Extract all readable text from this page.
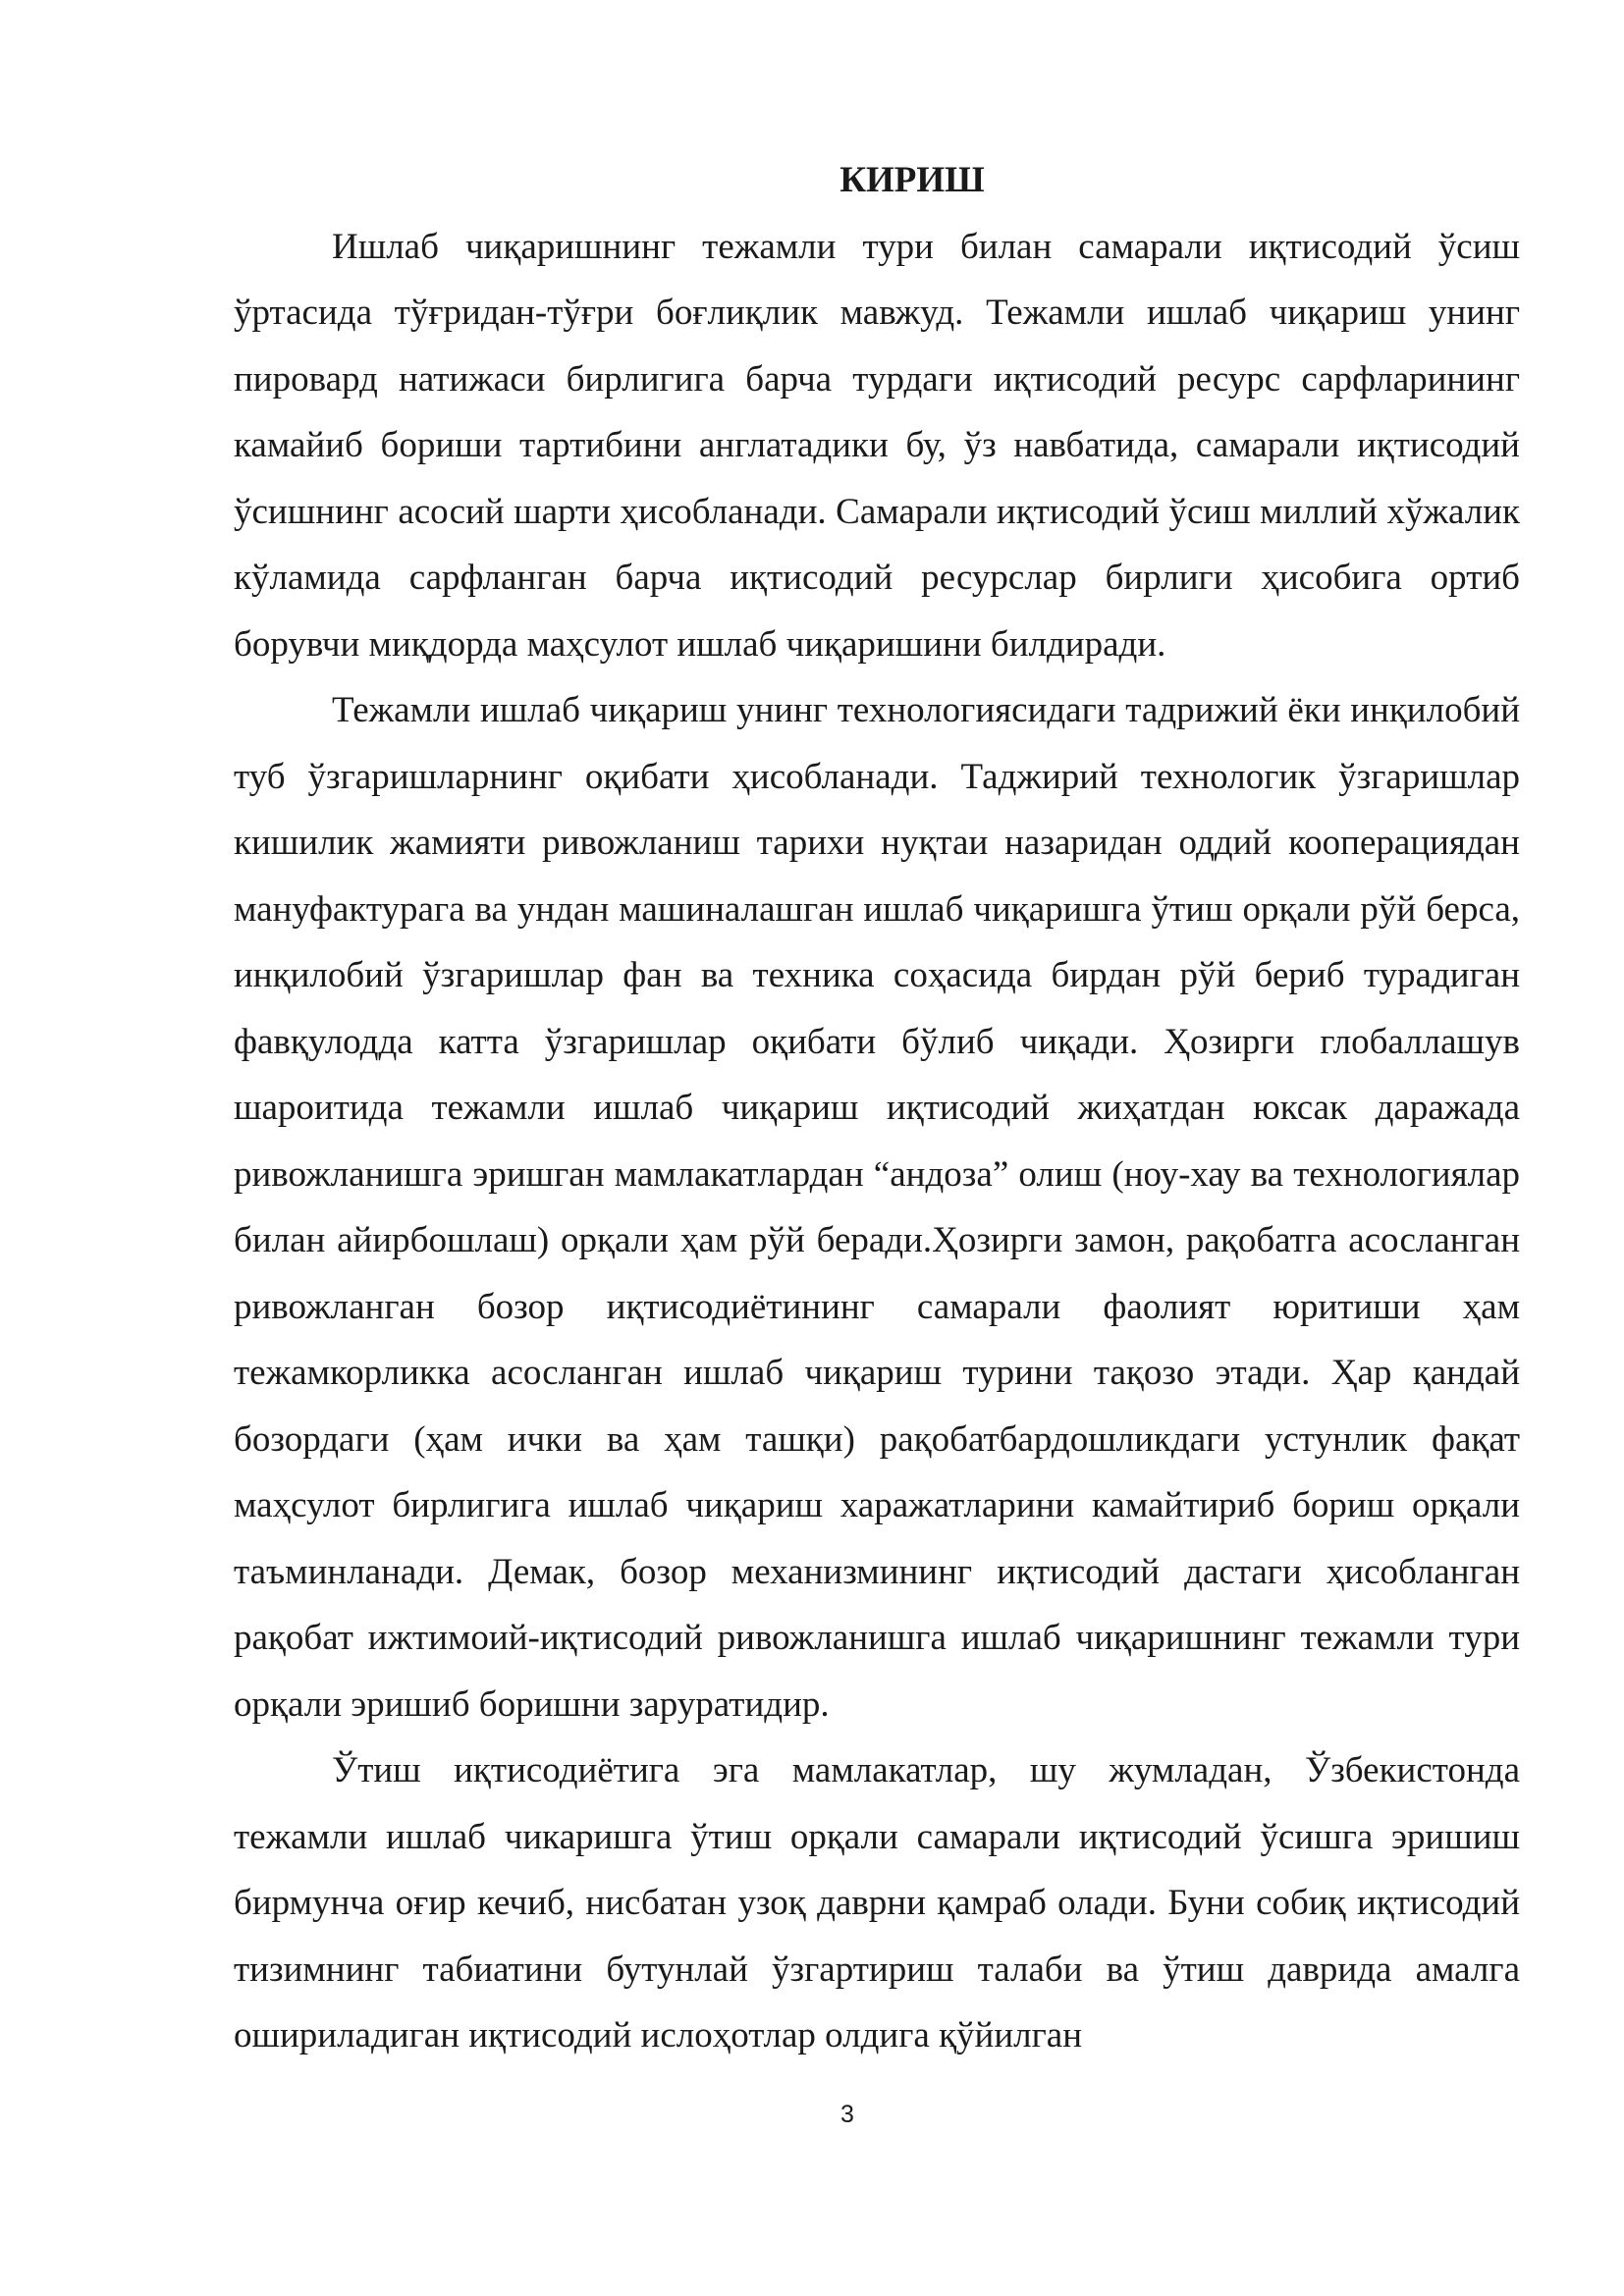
КИРИШ

Ишлаб чиқаришнинг тежамли тури билан самарали иқтисодий ўсиш ўртасида тўғридан-тўғри боғлиқлик мавжуд. Тежамли ишлаб чиқариш унинг пировард натижаси бирлигига барча турдаги иқтисодий ресурс сарфларининг камайиб бориши тартибини англатадики бу, ўз навбатида, самарали иқтисодий ўсишнинг асосий шарти ҳисобланади. Самарали иқтисодий ўсиш миллий хўжалик кўламида сарфланган барча иқтисодий ресурслар бирлиги ҳисобига ортиб борувчи миқдорда маҳсулот ишлаб чиқаришини билдиради.

Тежамли ишлаб чиқариш унинг технологиясидаги тадрижий ёки инқилобий туб ўзгаришларнинг оқибати ҳисобланади. Таджирий технологик ўзгаришлар кишилик жамияти ривожланиш тарихи нуқтаи назаридан оддий кооперациядан мануфактурага ва ундан машиналашган ишлаб чиқаришга ўтиш орқали рўй берса, инқилобий ўзгаришлар фан ва техника соҳасида бирдан рўй бериб турадиган фавқулодда катта ўзгаришлар оқибати бўлиб чиқади. Ҳозирги глобаллашув шароитида тежамли ишлаб чиқариш иқтисодий жиҳатдан юксак даражада ривожланишга эришган мамлакатлардан “андоза” олиш (ноу-хау ва технологиялар билан айирбошлаш) орқали ҳам рўй беради.Ҳозирги замон, рақобатга асосланган ривожланган бозор иқтисодиётининг самарали фаолият юритиши ҳам тежамкорликка асосланган ишлаб чиқариш турини тақозо этади. Ҳар қандай бозордаги (ҳам ички ва ҳам ташқи) рақобатбардошликдаги устунлик фақат маҳсулот бирлигига ишлаб чиқариш харажатларини камайтириб бориш орқали таъминланади. Демак, бозор механизмининг иқтисодий дастаги ҳисобланган рақобат ижтимоий-иқтисодий ривожланишга ишлаб чиқаришнинг тежамли тури орқали эришиб боришни заруратидир.

Ўтиш иқтисодиётига эга мамлакатлар, шу жумладан, Ўзбекистонда тежамли ишлаб чикаришга ўтиш орқали самарали иқтисодий ўсишга эришиш бирмунча оғир кечиб, нисбатан узоқ даврни қамраб олади. Буни собиқ иқтисодий тизимнинг табиатини бутунлай ўзгартириш талаби ва ўтиш даврида амалга ошириладиган иқтисодий ислоҳотлар олдига қўйилган

3
